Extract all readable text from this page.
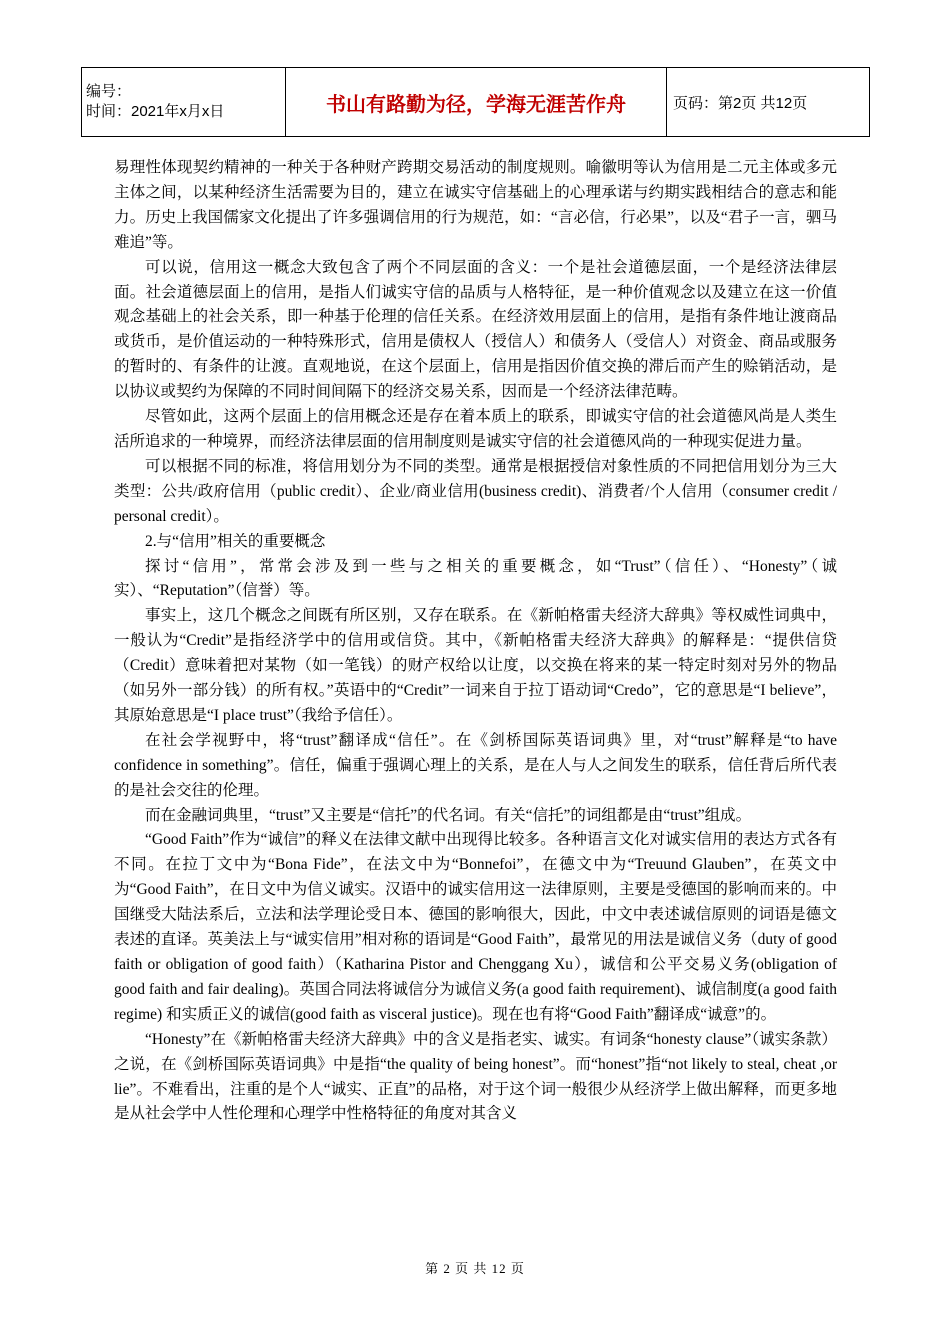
编号：
时间：2021年x月x日	书山有路勤为径，学海无涯苦作舟	页码：第2页 共12页

易理性体现契约精神的一种关于各种财产跨期交易活动的制度规则。喻徽明等认为信用是二元主体或多元主体之间，以某种经济生活需要为目的，建立在诚实守信基础上的心理承诺与约期实践相结合的意志和能力。历史上我国儒家文化提出了许多强调信用的行为规范，如：“言必信，行必果”，以及“君子一言，驷马难追”等。

可以说，信用这一概念大致包含了两个不同层面的含义：一个是社会道德层面，一个是经济法律层面。社会道德层面上的信用，是指人们诚实守信的品质与人格特征，是一种价值观念以及建立在这一价值观念基础上的社会关系，即一种基于伦理的信任关系。在经济效用层面上的信用，是指有条件地让渡商品或货币，是价值运动的一种特殊形式，信用是债权人（授信人）和债务人（受信人）对资金、商品或服务的暂时的、有条件的让渡。直观地说，在这个层面上，信用是指因价值交换的滞后而产生的赊销活动，是以协议或契约为保障的不同时间间隔下的经济交易关系，因而是一个经济法律范畴。

尽管如此，这两个层面上的信用概念还是存在着本质上的联系，即诚实守信的社会道德风尚是人类生活所追求的一种境界，而经济法律层面的信用制度则是诚实守信的社会道德风尚的一种现实促进力量。

可以根据不同的标准，将信用划分为不同的类型。通常是根据授信对象性质的不同把信用划分为三大类型：公共/政府信用（public credit）、企业/商业信用(business credit)、消费者/个人信用（consumer credit / personal credit）。

2.与“信用”相关的重要概念

探讨“信用”，常常会涉及到一些与之相关的重要概念，如“Trust”（信任）、“Honesty”（诚实）、“Reputation”（信誉）等。

事实上，这几个概念之间既有所区别，又存在联系。在《新帕格雷夫经济大辞典》等权威性词典中，一般认为“Credit”是指经济学中的信用或信贷。其中，《新帕格雷夫经济大辞典》的解释是：“提供信贷（Credit）意味着把对某物（如一笔钱）的财产权给以让度，以交换在将来的某一特定时刻对另外的物品（如另外一部分钱）的所有权。”英语中的“Credit”一词来自于拉丁语动词“Credo”，它的意思是“I believe”，其原始意思是“I place trust”（我给予信任）。

在社会学视野中，将“trust”翻译成“信任”。在《剑桥国际英语词典》里，对“trust”解释是“to have confidence in something”。信任，偏重于强调心理上的关系，是在人与人之间发生的联系，信任背后所代表的是社会交往的伦理。

而在金融词典里，“trust”又主要是“信托”的代名词。有关“信托”的词组都是由“trust”组成。

“Good Faith”作为“诚信”的释义在法律文献中出现得比较多。各种语言文化对诚实信用的表达方式各有不同。在拉丁文中为“Bona Fide”，在法文中为“Bonnefoi”，在德文中为“Treuund Glauben”，在英文中为“Good Faith”，在日文中为信义诚实。汉语中的诚实信用这一法律原则，主要是受德国的影响而来的。中国继受大陆法系后，立法和法学理论受日本、德国的影响很大，因此，中文中表述诚信原则的词语是德文表述的直译。英美法上与“诚实信用”相对称的语词是“Good Faith”，最常见的用法是诚信义务（duty of good faith or obligation of good faith）（Katharina Pistor and Chenggang Xu），诚信和公平交易义务(obligation of good faith and fair dealing)。英国合同法将诚信分为诚信义务(a good faith requirement)、诚信制度(a good faith regime) 和实质正义的诚信(good faith as visceral justice)。现在也有将“Good Faith”翻译成“诚意”的。

“Honesty”在《新帕格雷夫经济大辞典》中的含义是指老实、诚实。有词条“honesty clause”（诚实条款）之说，在《剑桥国际英语词典》中是指“the quality of being honest”。而“honest”指“not likely to steal, cheat ,or lie”。不难看出，注重的是个人“诚实、正直”的品格，对于这个词一般很少从经济学上做出解释，而更多地是从社会学中人性伦理和心理学中性格特征的角度对其含义

第 2 页 共 12 页
